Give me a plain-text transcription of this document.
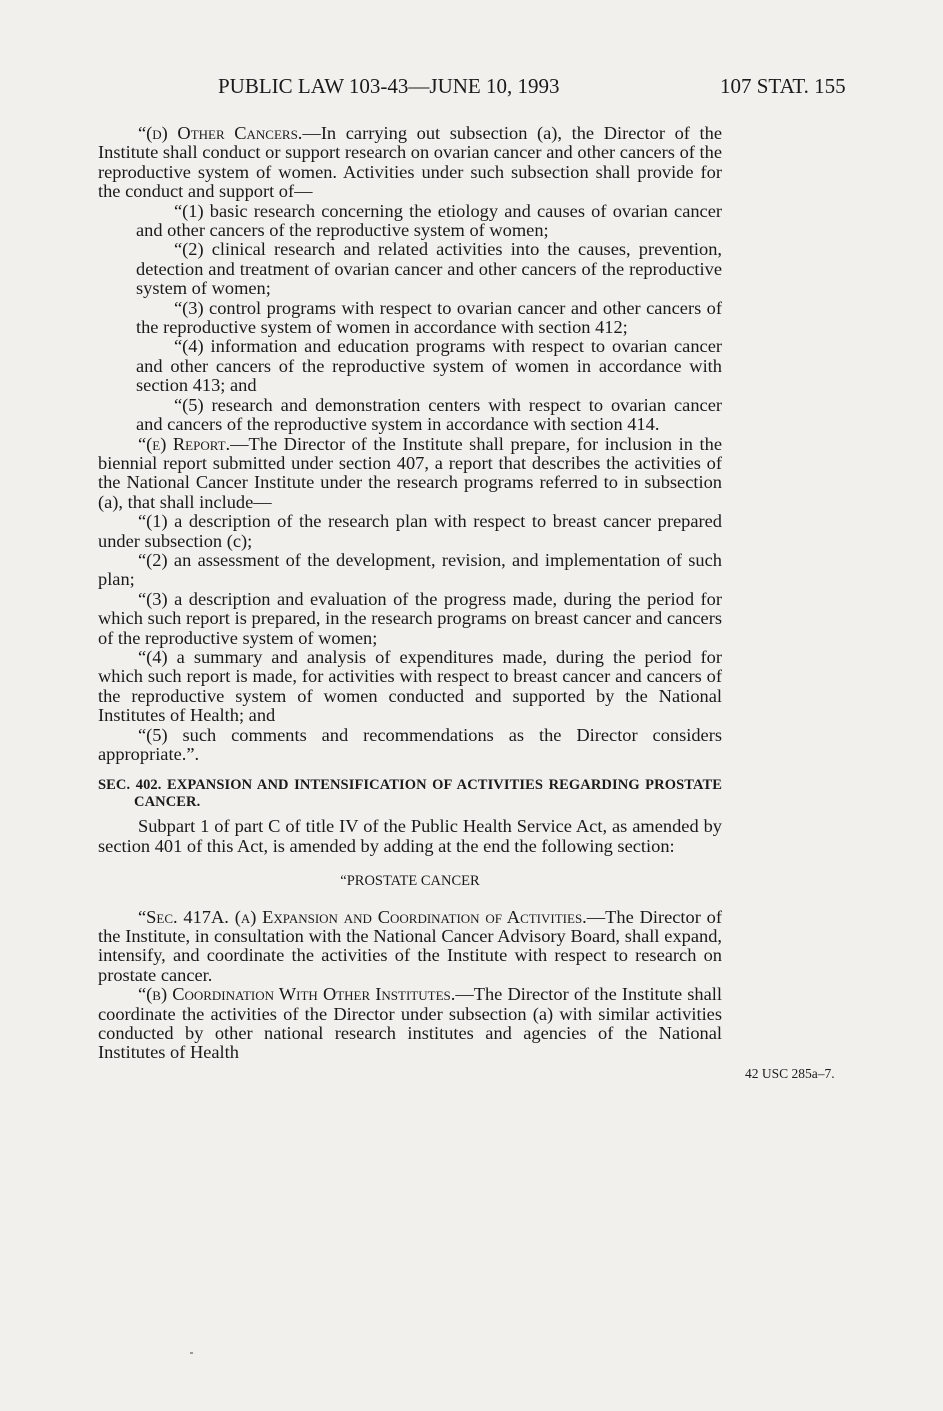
PUBLIC LAW 103-43—JUNE 10, 1993	107 STAT. 155
42 USC 285a–7.

“(d) Other Cancers.—In carrying out subsection (a), the Director of the Institute shall conduct or support research on ovarian cancer and other cancers of the reproductive system of women. Activities under such subsection shall provide for the conduct and support of—

“(1) basic research concerning the etiology and causes of ovarian cancer and other cancers of the reproductive system of women;

“(2) clinical research and related activities into the causes, prevention, detection and treatment of ovarian cancer and other cancers of the reproductive system of women;

“(3) control programs with respect to ovarian cancer and other cancers of the reproductive system of women in accordance with section 412;

“(4) information and education programs with respect to ovarian cancer and other cancers of the reproductive system of women in accordance with section 413; and

“(5) research and demonstration centers with respect to ovarian cancer and cancers of the reproductive system in accordance with section 414.

“(e) Report.—The Director of the Institute shall prepare, for inclusion in the biennial report submitted under section 407, a report that describes the activities of the National Cancer Institute under the research programs referred to in subsection (a), that shall include—

“(1) a description of the research plan with respect to breast cancer prepared under subsection (c);

“(2) an assessment of the development, revision, and implementation of such plan;

“(3) a description and evaluation of the progress made, during the period for which such report is prepared, in the research programs on breast cancer and cancers of the reproductive system of women;

“(4) a summary and analysis of expenditures made, during the period for which such report is made, for activities with respect to breast cancer and cancers of the reproductive system of women conducted and supported by the National Institutes of Health; and

“(5) such comments and recommendations as the Director considers appropriate.”.

SEC. 402. EXPANSION AND INTENSIFICATION OF ACTIVITIES REGARDING PROSTATE CANCER.

Subpart 1 of part C of title IV of the Public Health Service Act, as amended by section 401 of this Act, is amended by adding at the end the following section:

“PROSTATE CANCER

“Sec. 417A. (a) Expansion and Coordination of Activities.—The Director of the Institute, in consultation with the National Cancer Advisory Board, shall expand, intensify, and coordinate the activities of the Institute with respect to research on prostate cancer.

“(b) Coordination With Other Institutes.—The Director of the Institute shall coordinate the activities of the Director under subsection (a) with similar activities conducted by other national research institutes and agencies of the National Institutes of Health
